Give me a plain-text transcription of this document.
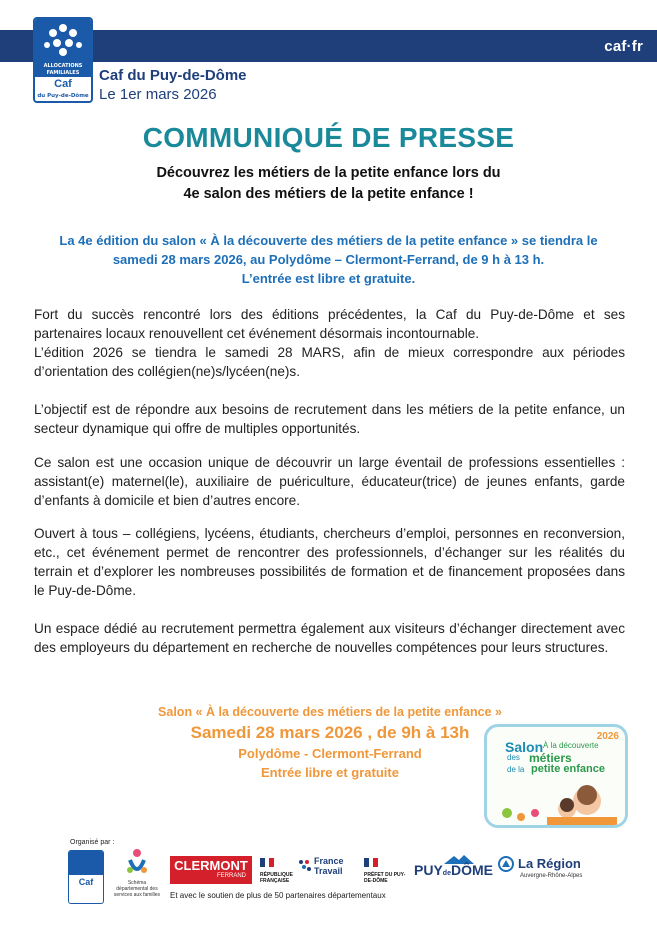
caf·fr
ALLOCATIONS FAMILIALES
Caf
du Puy-de-Dôme
Caf du Puy-de-Dôme
Le 1er mars 2026
COMMUNIQUÉ DE PRESSE
Découvrez les métiers de la petite enfance lors du
4e salon des métiers de la petite enfance !
La 4e édition du salon « À la découverte des métiers de la petite enfance » se tiendra le
samedi 28 mars 2026, au Polydôme – Clermont-Ferrand, de 9 h à 13 h.
L’entrée est libre et gratuite.
Fort du succès rencontré lors des éditions précédentes, la Caf du Puy-de-Dôme et ses partenaires locaux renouvellent cet événement désormais incontournable.
L’édition 2026 se tiendra le samedi 28 MARS, afin de mieux correspondre aux périodes d’orientation des collégien(ne)s/lycéen(ne)s.
L’objectif est de répondre aux besoins de recrutement dans les métiers de la petite enfance, un secteur dynamique qui offre de multiples opportunités.
Ce salon est une occasion unique de découvrir un large éventail de professions essentielles : assistant(e) maternel(le), auxiliaire de puériculture, éducateur(trice) de jeunes enfants, garde d’enfants à domicile et bien d’autres encore.
Ouvert à tous – collégiens, lycéens, étudiants, chercheurs d’emploi, personnes en reconversion, etc., cet événement permet de rencontrer des professionnels, d’échanger sur les réalités du terrain et d’explorer les nombreuses possibilités de formation et de financement proposées dans le Puy-de-Dôme.
Un espace dédié au recrutement permettra également aux visiteurs d’échanger directement avec des employeurs du département en recherche de nouvelles compétences pour leurs structures.
Salon « À la découverte des métiers de la petite enfance »
Samedi 28 mars 2026 , de 9h à 13h
Polydôme - Clermont-Ferrand
Entrée libre et gratuite
2026
Salon À la découverte
des métiers
de la petite enfance
Organisé par :
Caf	Schéma départemental des services aux familles
CLERMONT
FERRAND	RÉPUBLIQUE FRANÇAISE
France
Travail	PRÉFET DU PUY-DE-DÔME
PUYdeDÔME La Région
Auvergne-Rhône-Alpes
Et avec le soutien de plus de 50 partenaires départementaux
